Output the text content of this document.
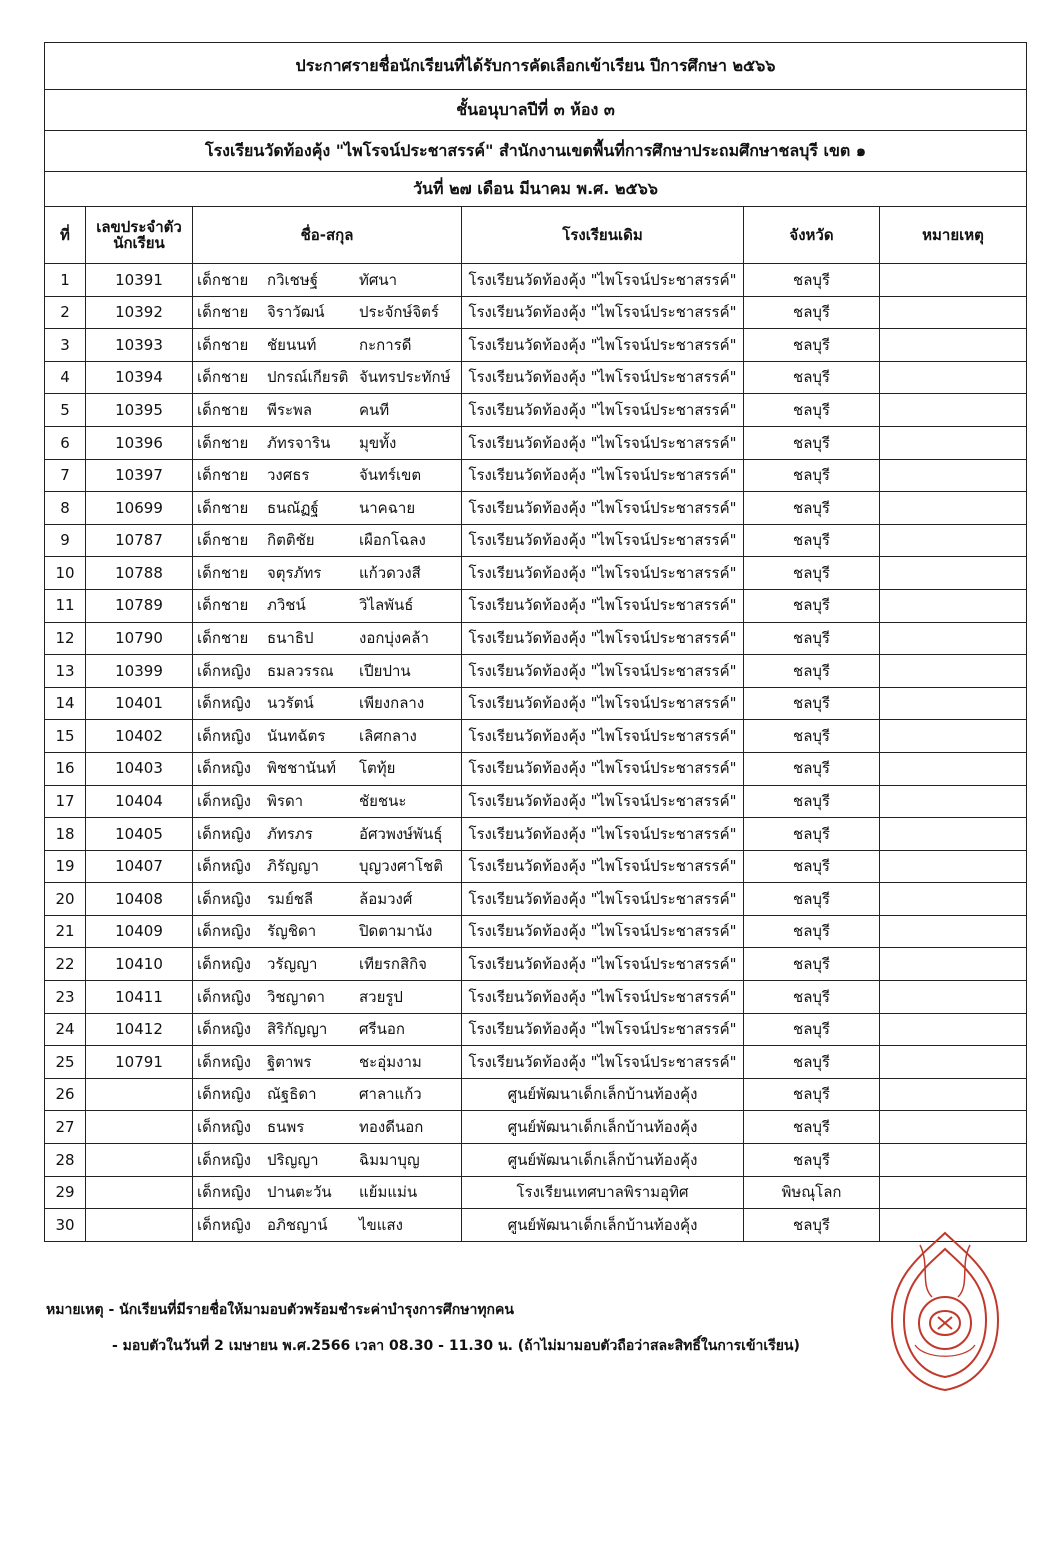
ประกาศรายชื่อนักเรียนที่ได้รับการคัดเลือกเข้าเรียน ปีการศึกษา ๒๕๖๖					
ชั้นอนุบาลปีที่ ๓ ห้อง ๓					
โรงเรียนวัดท้องคุ้ง "ไพโรจน์ประชาสรรค์" สำนักงานเขตพื้นที่การศึกษาประถมศึกษาชลบุรี เขต ๑					
วันที่ ๒๗ เดือน มีนาคม พ.ศ. ๒๕๖๖					
ที่	เลขประจำตัว นักเรียน	ชื่อ-สกุล	โรงเรียนเดิม	จังหวัด	หมายเหตุ
1	10391	เด็กชาย กวิเชษฐ์ ทัศนา	โรงเรียนวัดท้องคุ้ง "ไพโรจน์ประชาสรรค์"	ชลบุรี	
2	10392	เด็กชาย จิราวัฒน์ ประจักษ์จิตร์	โรงเรียนวัดท้องคุ้ง "ไพโรจน์ประชาสรรค์"	ชลบุรี	
3	10393	เด็กชาย ชัยนนท์ กะการดี	โรงเรียนวัดท้องคุ้ง "ไพโรจน์ประชาสรรค์"	ชลบุรี	
4	10394	เด็กชาย ปกรณ์เกียรติ จันทรประทักษ์	โรงเรียนวัดท้องคุ้ง "ไพโรจน์ประชาสรรค์"	ชลบุรี	
5	10395	เด็กชาย พีระพล คนที	โรงเรียนวัดท้องคุ้ง "ไพโรจน์ประชาสรรค์"	ชลบุรี	
6	10396	เด็กชาย ภัทรจาริน มุขทั้ง	โรงเรียนวัดท้องคุ้ง "ไพโรจน์ประชาสรรค์"	ชลบุรี	
7	10397	เด็กชาย วงศธร จันทร์เขต	โรงเรียนวัดท้องคุ้ง "ไพโรจน์ประชาสรรค์"	ชลบุรี	
8	10699	เด็กชาย ธนณัฏฐ์ นาคฉาย	โรงเรียนวัดท้องคุ้ง "ไพโรจน์ประชาสรรค์"	ชลบุรี	
9	10787	เด็กชาย กิตติชัย เผือกโฉลง	โรงเรียนวัดท้องคุ้ง "ไพโรจน์ประชาสรรค์"	ชลบุรี	
10	10788	เด็กชาย จตุรภัทร แก้วดวงสี	โรงเรียนวัดท้องคุ้ง "ไพโรจน์ประชาสรรค์"	ชลบุรี	
11	10789	เด็กชาย ภวิชน์ วิไลพันธ์	โรงเรียนวัดท้องคุ้ง "ไพโรจน์ประชาสรรค์"	ชลบุรี	
12	10790	เด็กชาย ธนาธิป งอกบุ่งคล้า	โรงเรียนวัดท้องคุ้ง "ไพโรจน์ประชาสรรค์"	ชลบุรี	
13	10399	เด็กหญิง ธมลวรรณ เปียปาน	โรงเรียนวัดท้องคุ้ง "ไพโรจน์ประชาสรรค์"	ชลบุรี	
14	10401	เด็กหญิง นวรัตน์ เพียงกลาง	โรงเรียนวัดท้องคุ้ง "ไพโรจน์ประชาสรรค์"	ชลบุรี	
15	10402	เด็กหญิง นันทฉัตร เลิศกลาง	โรงเรียนวัดท้องคุ้ง "ไพโรจน์ประชาสรรค์"	ชลบุรี	
16	10403	เด็กหญิง พิชชานันท์ โตทุ้ย	โรงเรียนวัดท้องคุ้ง "ไพโรจน์ประชาสรรค์"	ชลบุรี	
17	10404	เด็กหญิง พิรดา ชัยชนะ	โรงเรียนวัดท้องคุ้ง "ไพโรจน์ประชาสรรค์"	ชลบุรี	
18	10405	เด็กหญิง ภัทรภร อัศวพงษ์พันธุ์	โรงเรียนวัดท้องคุ้ง "ไพโรจน์ประชาสรรค์"	ชลบุรี	
19	10407	เด็กหญิง ภิรัญญา บุญวงศาโชติ	โรงเรียนวัดท้องคุ้ง "ไพโรจน์ประชาสรรค์"	ชลบุรี	
20	10408	เด็กหญิง รมย์ชลี ล้อมวงศ์	โรงเรียนวัดท้องคุ้ง "ไพโรจน์ประชาสรรค์"	ชลบุรี	
21	10409	เด็กหญิง รัญชิดา ปิดตามานัง	โรงเรียนวัดท้องคุ้ง "ไพโรจน์ประชาสรรค์"	ชลบุรี	
22	10410	เด็กหญิง วรัญญา เทียรกสิกิจ	โรงเรียนวัดท้องคุ้ง "ไพโรจน์ประชาสรรค์"	ชลบุรี	
23	10411	เด็กหญิง วิชญาดา สวยรูป	โรงเรียนวัดท้องคุ้ง "ไพโรจน์ประชาสรรค์"	ชลบุรี	
24	10412	เด็กหญิง สิริกัญญา ศรีนอก	โรงเรียนวัดท้องคุ้ง "ไพโรจน์ประชาสรรค์"	ชลบุรี	
25	10791	เด็กหญิง ฐิตาพร ชะอุ่มงาม	โรงเรียนวัดท้องคุ้ง "ไพโรจน์ประชาสรรค์"	ชลบุรี	
26		เด็กหญิง ณัฐธิดา ศาลาแก้ว	ศูนย์พัฒนาเด็กเล็กบ้านท้องคุ้ง	ชลบุรี	
27		เด็กหญิง ธนพร ทองดีนอก	ศูนย์พัฒนาเด็กเล็กบ้านท้องคุ้ง	ชลบุรี	
28		เด็กหญิง ปริญญา ฉิมมาบุญ	ศูนย์พัฒนาเด็กเล็กบ้านท้องคุ้ง	ชลบุรี	
29		เด็กหญิง ปานตะวัน แย้มแม่น	โรงเรียนเทศบาลพิรามอุทิศ	พิษณุโลก	
30		เด็กหญิง อภิชญาน์ ไขแสง	ศูนย์พัฒนาเด็กเล็กบ้านท้องคุ้ง	ชลบุรี	
หมายเหตุ - นักเรียนที่มีรายชื่อให้มามอบตัวพร้อมชำระค่าบำรุงการศึกษาทุกคน
- มอบตัวในวันที่ 2 เมษายน พ.ศ.2566 เวลา 08.30 - 11.30 น. (ถ้าไม่มามอบตัวถือว่าสละสิทธิ์ในการเข้าเรียน)
